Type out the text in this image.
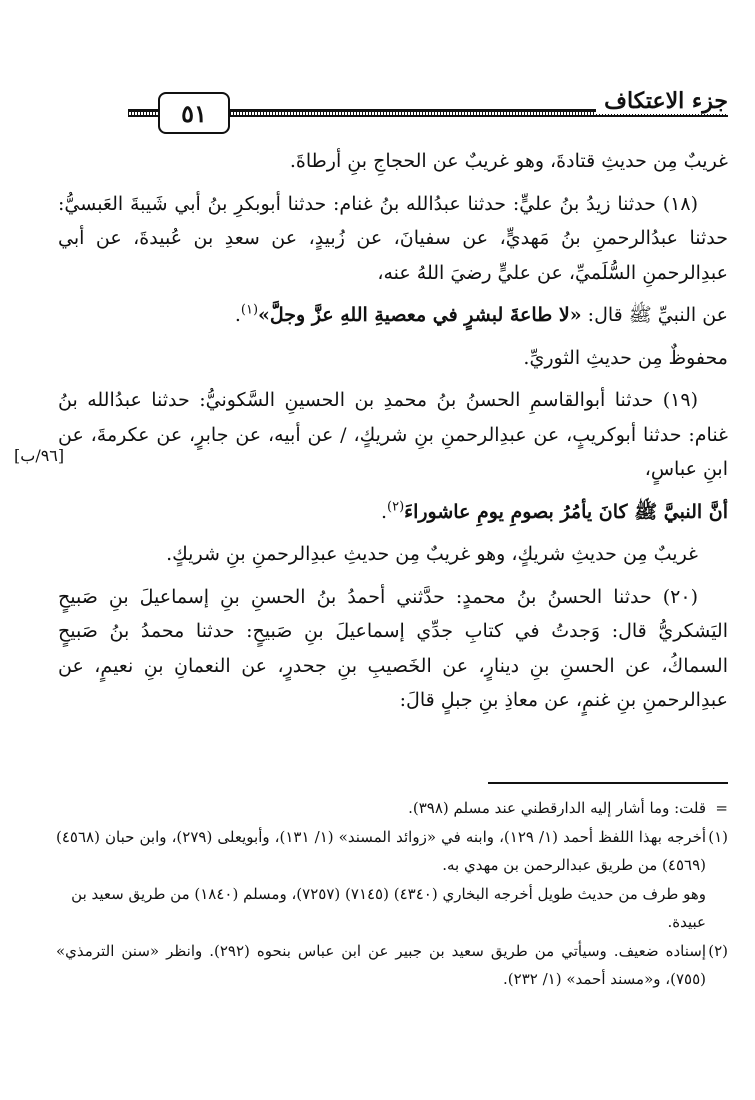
٥١	جزء الاعتكاف
[٩٦/ب]

غريبٌ مِن حديثِ قتادةَ، وهو غريبٌ عن الحجاجِ بنِ أرطاةَ.

(١٨) حدثنا زيدُ بنُ عليٍّ: حدثنا عبدُالله بنُ غنام: حدثنا أبوبكرِ بنُ أبي شَيبةَ العَبسيُّ: حدثنا عبدُالرحمنِ بنُ مَهديٍّ، عن سفيانَ، عن زُبيدٍ، عن سعدِ بن عُبيدةَ، عن أبي عبدِالرحمنِ السُّلَميِّ، عن عليٍّ رضيَ اللهُ عنه،

عن النبيِّ ﷺ قال: «لا طاعةَ لبشرٍ في معصيةِ اللهِ عزَّ وجلَّ»$^{(١)}$.

محفوظٌ مِن حديثِ الثوريِّ.

(١٩) حدثنا أبوالقاسمِ الحسنُ بنُ محمدِ بن الحسينِ السَّكونيُّ: حدثنا عبدُالله بنُ غنام: حدثنا أبوكريبٍ، عن عبدِالرحمنِ بنِ شريكٍ، / عن أبيه، عن جابرٍ، عن عكرمةَ، عن ابنِ عباسٍ،

أنَّ النبيَّ ﷺ كانَ يأمُرُ بصومِ يومِ عاشوراءَ$^{(٢)}$.

غريبٌ مِن حديثِ شريكٍ، وهو غريبٌ مِن حديثِ عبدِالرحمنِ بنِ شريكٍ.

(٢٠) حدثنا الحسنُ بنُ محمدٍ: حدَّثني أحمدُ بنُ الحسنِ بنِ إسماعيلَ بنِ صَبيحٍ اليَشكريُّ قال: وَجدتُ في كتابِ جدِّي إسماعيلَ بنِ صَبيحٍ: حدثنا محمدُ بنُ صَبيحٍ السماكُ، عن الحسنِ بنِ دينارٍ، عن الخَصيبِ بنِ جحدرٍ، عن النعمانِ بنِ نعيمٍ، عن عبدِالرحمنِ بنِ غنمٍ، عن معاذِ بنِ جبلٍ قالَ:

=
قلت: وما أشار إليه الدارقطني عند مسلم (٣٩٨).
(١)
أخرجه بهذا اللفظ أحمد (١/ ١٢٩)، وابنه في «زوائد المسند» (١/ ١٣١)، وأبويعلى (٢٧٩)، وابن حبان (٤٥٦٨) (٤٥٦٩) من طريق عبدالرحمن بن مهدي به.
وهو طرف من حديث طويل أخرجه البخاري (٤٣٤٠) (٧١٤٥) (٧٢٥٧)، ومسلم (١٨٤٠) من طريق سعيد بن عبيدة.
(٢)
إسناده ضعيف. وسيأتي من طريق سعيد بن جبير عن ابن عباس بنحوه (٢٩٢). وانظر «سنن الترمذي» (٧٥٥)، و«مسند أحمد» (١/ ٢٣٢).
